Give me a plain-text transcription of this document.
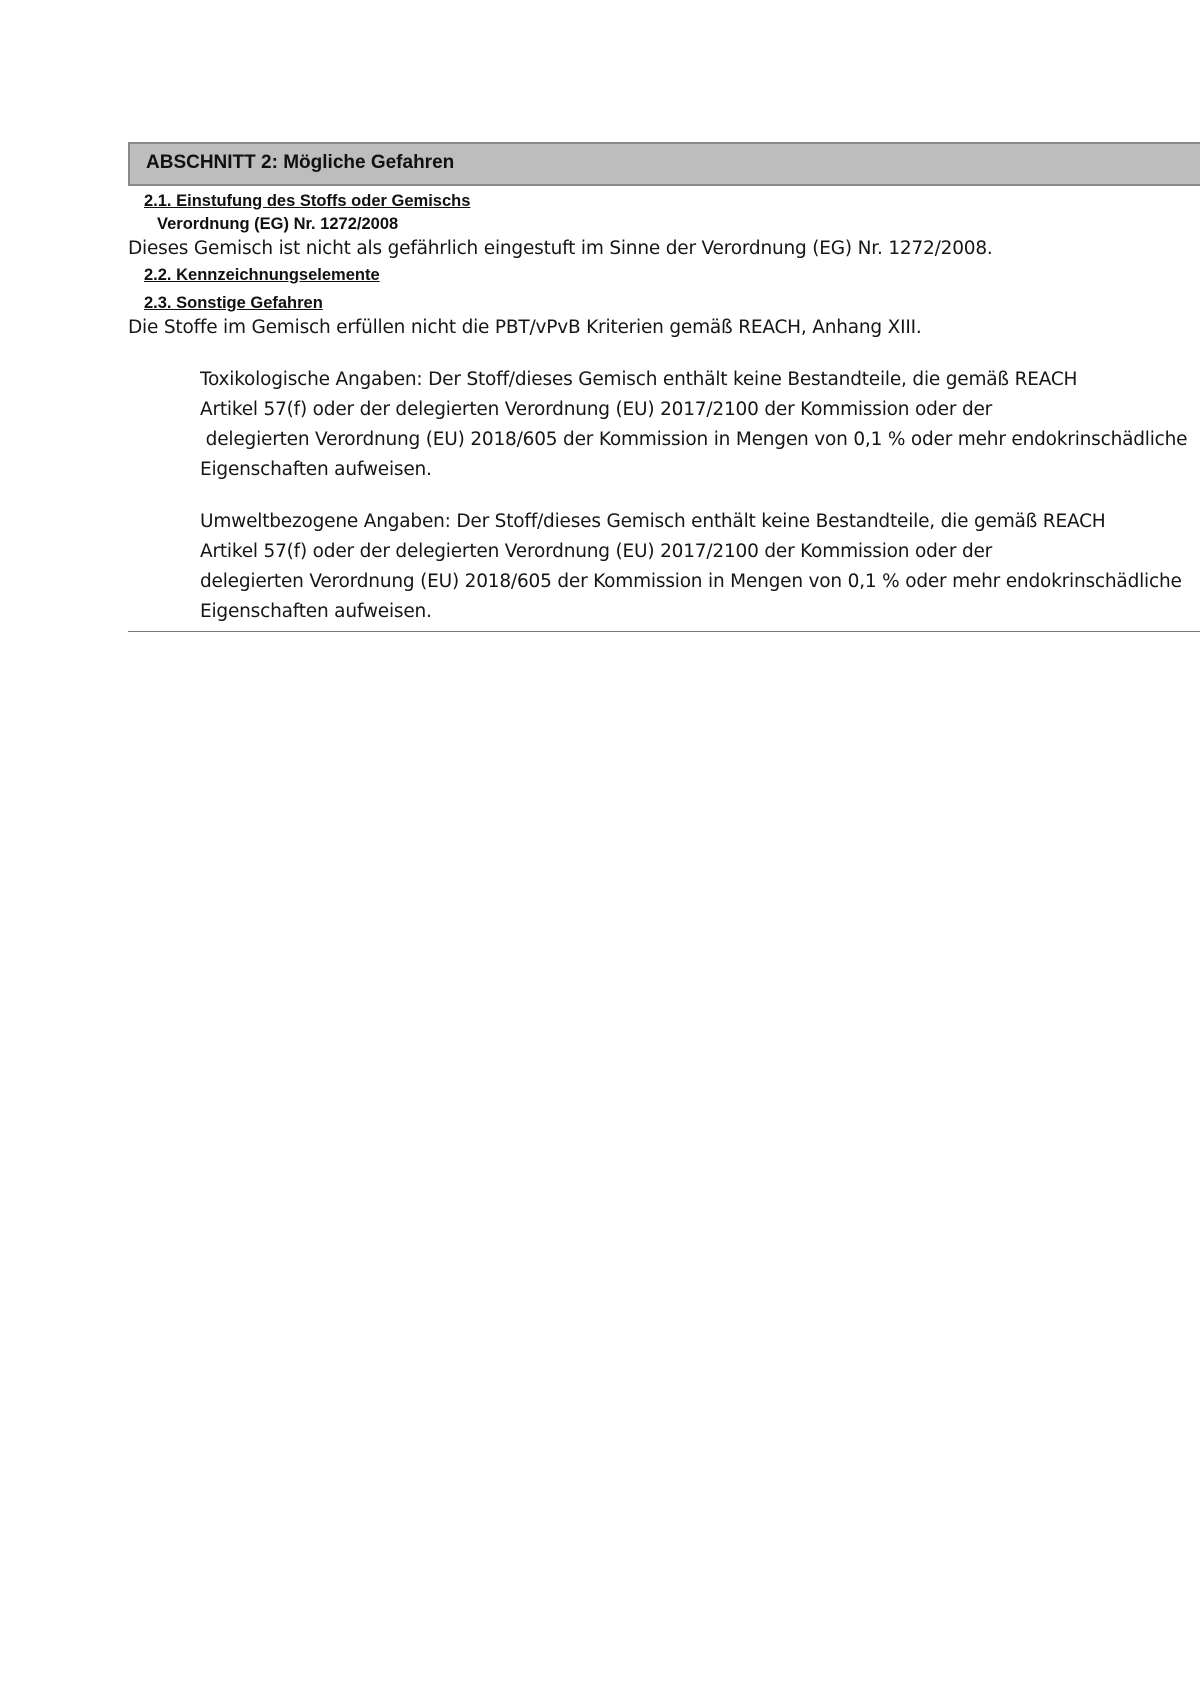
ABSCHNITT 2: Mögliche Gefahren
2.1. Einstufung des Stoffs oder Gemischs
Verordnung (EG) Nr. 1272/2008

Dieses Gemisch ist nicht als gefährlich eingestuft im Sinne der Verordnung (EG) Nr. 1272/2008.

2.2. Kennzeichnungselemente
2.3. Sonstige Gefahren

Die Stoffe im Gemisch erfüllen nicht die PBT/vPvB Kriterien gemäß REACH, Anhang XIII.

Toxikologische Angaben: Der Stoff/dieses Gemisch enthält keine Bestandteile, die gemäß REACH
Artikel 57(f) oder der delegierten Verordnung (EU) 2017/2100 der Kommission oder der
delegierten Verordnung (EU) 2018/605 der Kommission in Mengen von 0,1 % oder mehr endokrinschädliche
Eigenschaften aufweisen.
Umweltbezogene Angaben: Der Stoff/dieses Gemisch enthält keine Bestandteile, die gemäß REACH
Artikel 57(f) oder der delegierten Verordnung (EU) 2017/2100 der Kommission oder der
delegierten Verordnung (EU) 2018/605 der Kommission in Mengen von 0,1 % oder mehr endokrinschädliche
Eigenschaften aufweisen.
